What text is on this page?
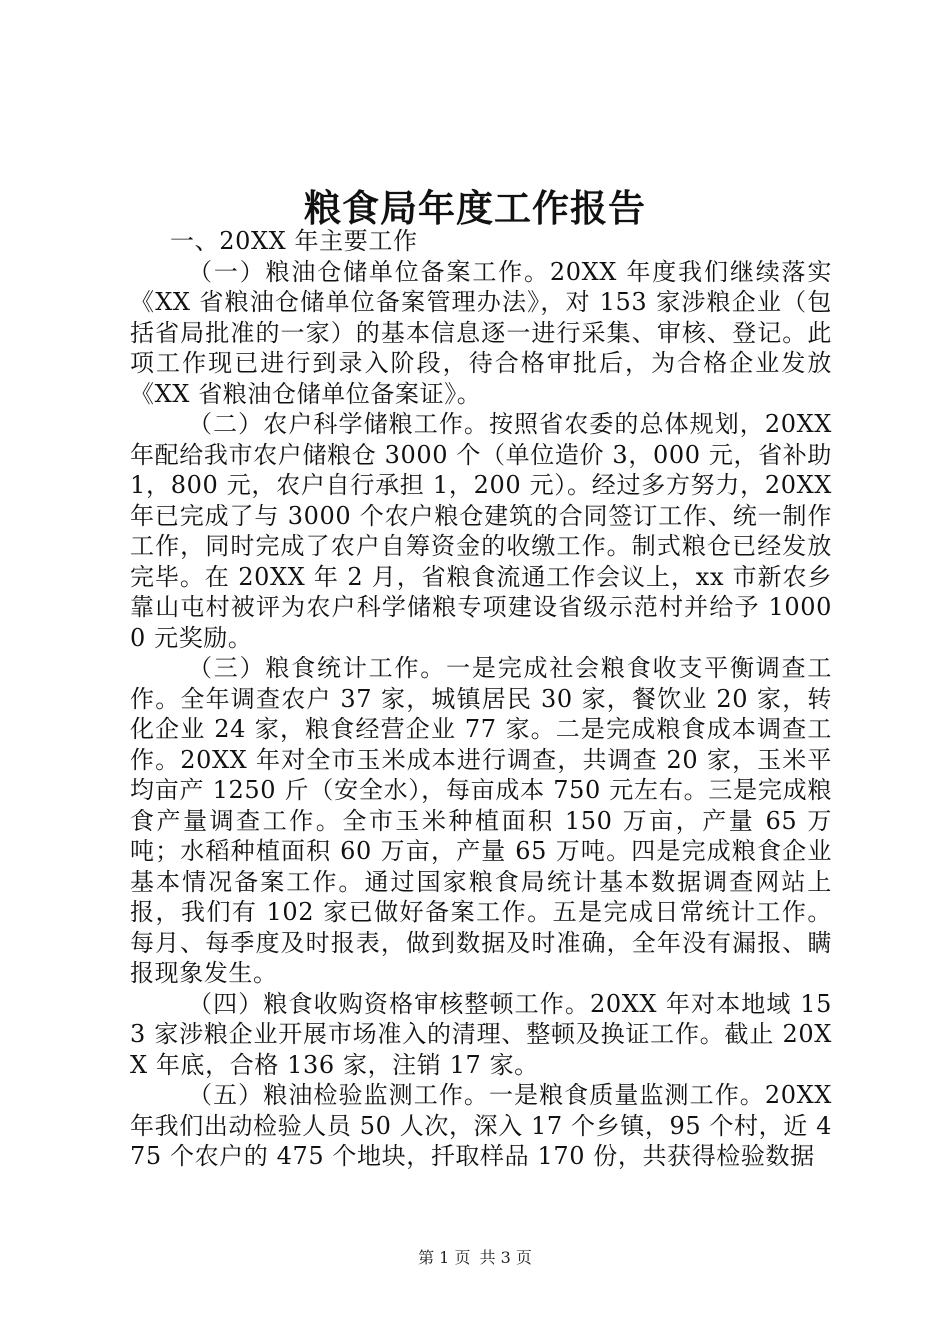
粮食局年度工作报告

一、20XX 年主要工作

（一）粮油仓储单位备案工作。20XX 年度我们继续落实《XX 省粮油仓储单位备案管理办法》，对 153 家涉粮企业（包括省局批准的一家）的基本信息逐一进行采集、审核、登记。此项工作现已进行到录入阶段，待合格审批后，为合格企业发放《XX 省粮油仓储单位备案证》。

（二）农户科学储粮工作。按照省农委的总体规划，20XX 年配给我市农户储粮仓 3000 个（单位造价 3，000 元，省补助 1，800 元，农户自行承担 1，200 元）。经过多方努力，20XX 年已完成了与 3000 个农户粮仓建筑的合同签订工作、统一制作工作，同时完成了农户自筹资金的收缴工作。制式粮仓已经发放完毕。在 20XX 年 2 月，省粮食流通工作会议上，xx 市新农乡靠山屯村被评为农户科学储粮专项建设省级示范村并给予 10000 元奖励。

（三）粮食统计工作。一是完成社会粮食收支平衡调查工作。全年调查农户 37 家，城镇居民 30 家，餐饮业 20 家，转化企业 24 家，粮食经营企业 77 家。二是完成粮食成本调查工作。20XX 年对全市玉米成本进行调查，共调查 20 家，玉米平均亩产 1250 斤（安全水），每亩成本 750 元左右。三是完成粮食产量调查工作。全市玉米种植面积 150 万亩，产量 65 万吨；水稻种植面积 60 万亩，产量 65 万吨。四是完成粮食企业基本情况备案工作。通过国家粮食局统计基本数据调查网站上报，我们有 102 家已做好备案工作。五是完成日常统计工作。每月、每季度及时报表，做到数据及时准确，全年没有漏报、瞒报现象发生。

（四）粮食收购资格审核整顿工作。20XX 年对本地域 153 家涉粮企业开展市场准入的清理、整顿及换证工作。截止 20XX 年底，合格 136 家，注销 17 家。

（五）粮油检验监测工作。一是粮食质量监测工作。20XX 年我们出动检验人员 50 人次，深入 17 个乡镇，95 个村，近 475 个农户的 475 个地块，扦取样品 170 份，共获得检验数据

第 1 页 共 3 页
